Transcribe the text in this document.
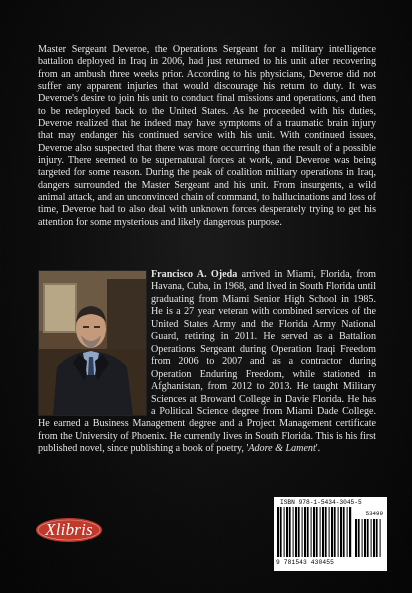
Master Sergeant Deveroe, the Operations Sergeant for a military intelligence battalion deployed in Iraq in 2006, had just returned to his unit after recovering from an ambush three weeks prior. According to his physicians, Deveroe did not suffer any apparent injuries that would discourage his return to duty. It was Deveroe's desire to join his unit to conduct final missions and operations, and then to be redeployed back to the United States. As he proceeded with his duties, Deveroe realized that he indeed may have symptoms of a traumatic brain injury that may endanger his continued service with his unit. With continued issues, Deveroe also suspected that there was more occurring than the result of a possible injury. There seemed to be supernatural forces at work, and Deveroe was being targeted for some reason. During the peak of coalition military operations in Iraq, dangers surrounded the Master Sergeant and his unit. From insurgents, a wild animal attack, and an unconvinced chain of command, to hallucinations and loss of time, Deveroe had to also deal with unknown forces desperately trying to get his attention for some mysterious and likely dangerous purpose.

Francisco A. Ojeda arrived in Miami, Florida, from Havana, Cuba, in 1968, and lived in South Florida until graduating from Miami Senior High School in 1985. He is a 27 year veteran with combined services of the United States Army and the Florida Army National Guard, retiring in 2011. He served as a Battalion Operations Sergeant during Operation Iraqi Freedom from 2006 to 2007 and as a contractor during Operation Enduring Freedom, while stationed in Afghanistan, from 2012 to 2013. He taught Military Sciences at Broward College in Davie Florida. He has a Political Science degree from Miami Dade College. He earned a Business Management degree and a Project Management certificate from the University of Phoenix. He currently lives in South Florida. This is his first published novel, since publishing a book of poetry, 'Adore & Lament'.

Xlibris
ISBN 978-1-5434-3045-5
53499
9 781543 430455
